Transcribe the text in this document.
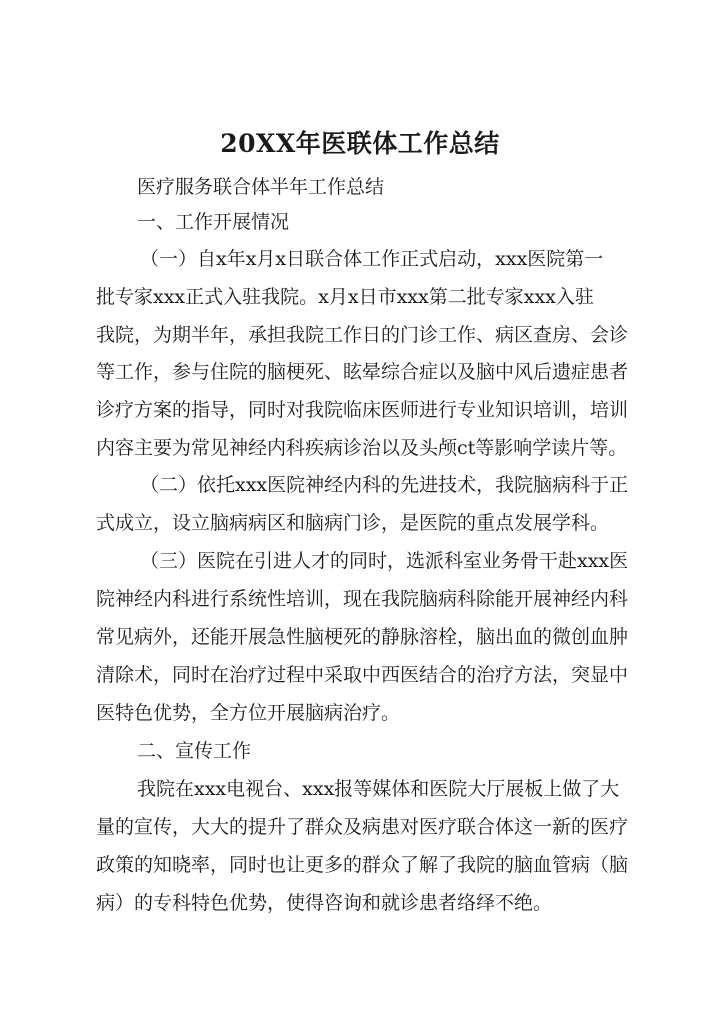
20XX年医联体工作总结
医疗服务联合体半年工作总结
一、工作开展情况
（一）自x年x月x日联合体工作正式启动，xxx医院第一
批专家xxx正式入驻我院。x月x日市xxx第二批专家xxx入驻
我院，为期半年，承担我院工作日的门诊工作、病区查房、会诊
等工作，参与住院的脑梗死、眩晕综合症以及脑中风后遗症患者
诊疗方案的指导，同时对我院临床医师进行专业知识培训，培训
内容主要为常见神经内科疾病诊治以及头颅ct等影响学读片等。
（二）依托xxx医院神经内科的先进技术，我院脑病科于正
式成立，设立脑病病区和脑病门诊，是医院的重点发展学科。
（三）医院在引进人才的同时，选派科室业务骨干赴xxx医
院神经内科进行系统性培训，现在我院脑病科除能开展神经内科
常见病外，还能开展急性脑梗死的静脉溶栓，脑出血的微创血肿
清除术，同时在治疗过程中采取中西医结合的治疗方法，突显中
医特色优势，全方位开展脑病治疗。
二、宣传工作
我院在xxx电视台、xxx报等媒体和医院大厅展板上做了大
量的宣传，大大的提升了群众及病患对医疗联合体这一新的医疗
政策的知晓率，同时也让更多的群众了解了我院的脑血管病（脑
病）的专科特色优势，使得咨询和就诊患者络绎不绝。
